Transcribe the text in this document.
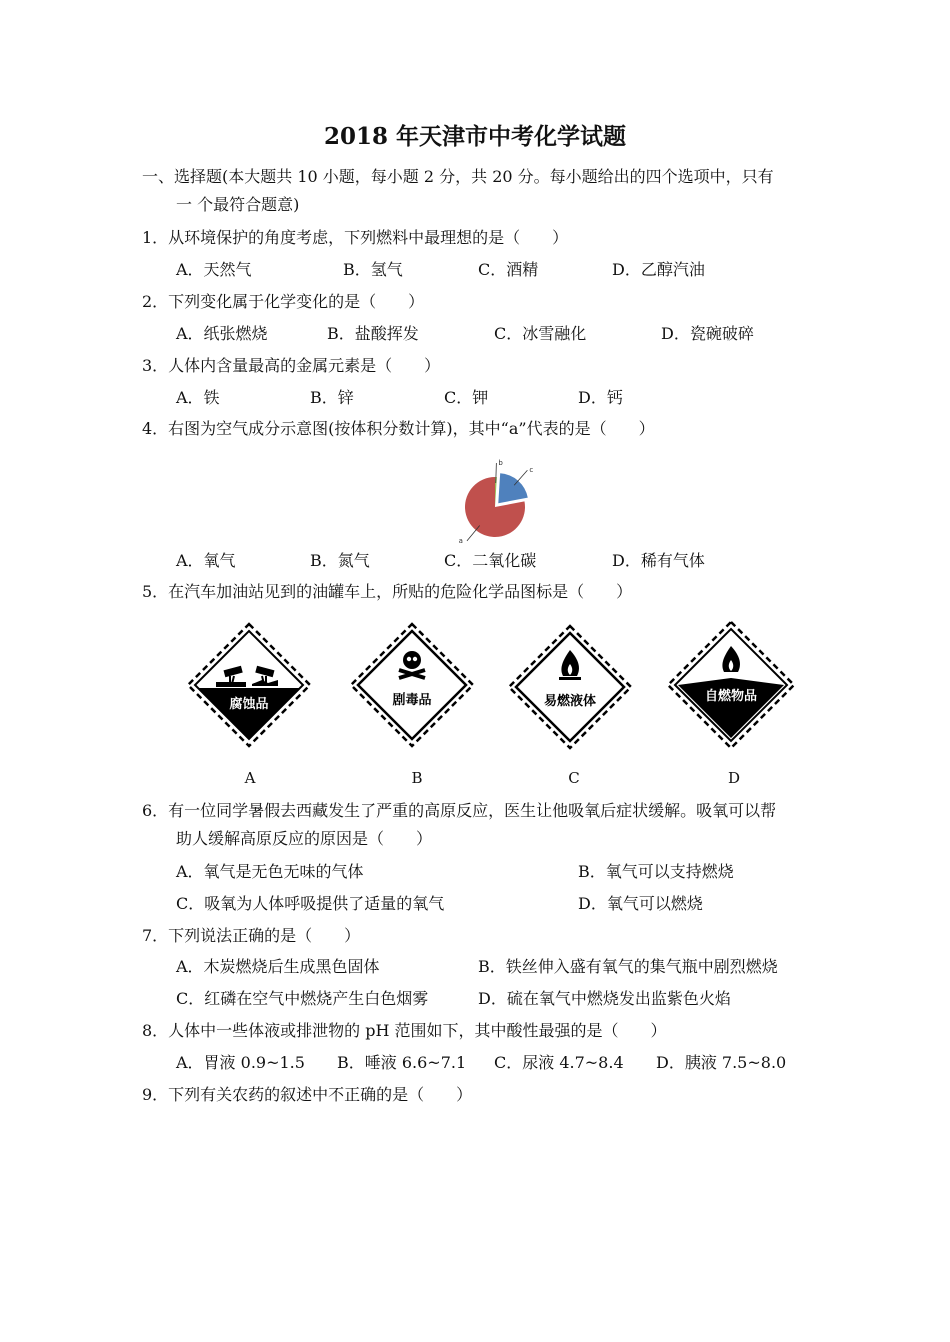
2018 年天津市中考化学试题
一、选择题(本大题共 10 小题，每小题 2 分，共 20 分。每小题给出的四个选项中，只有
一 个最符合题意)
1．从环境保护的角度考虑，下列燃料中最理想的是（　　）
A．天然气	B．氢气	C．酒精	D．乙醇汽油
2．下列变化属于化学变化的是（　　）
A．纸张燃烧	B．盐酸挥发	C．冰雪融化	D．瓷碗破碎
3．人体内含量最高的金属元素是（　　）
A．铁	B．锌	C．钾	D．钙
4．右图为空气成分示意图(按体积分数计算)，其中“a”代表的是（　　）
a
b
c
A．氧气	B．氮气	C．二氧化碳	D．稀有气体
5．在汽车加油站见到的油罐车上，所贴的危险化学品图标是（　　）
腐蚀品	剧毒品	易燃液体	自燃物品
A	B	C	D
6．有一位同学暑假去西藏发生了严重的高原反应，医生让他吸氧后症状缓解。吸氧可以帮
助人缓解高原反应的原因是（　　）
A．氧气是无色无味的气体	B．氧气可以支持燃烧
C．吸氧为人体呼吸提供了适量的氧气	D．氧气可以燃烧
7．下列说法正确的是（　　）
A．木炭燃烧后生成黑色固体	B．铁丝伸入盛有氧气的集气瓶中剧烈燃烧
C．红磷在空气中燃烧产生白色烟雾	D．硫在氧气中燃烧发出监紫色火焰
8．人体中一些体液或排泄物的 pH 范围如下，其中酸性最强的是（　　）
A．胃液 0.9~1.5 B．唾液 6.6~7.1 C．尿液 4.7~8.4 D．胰液 7.5~8.0
9．下列有关农药的叙述中不正确的是（　　）
